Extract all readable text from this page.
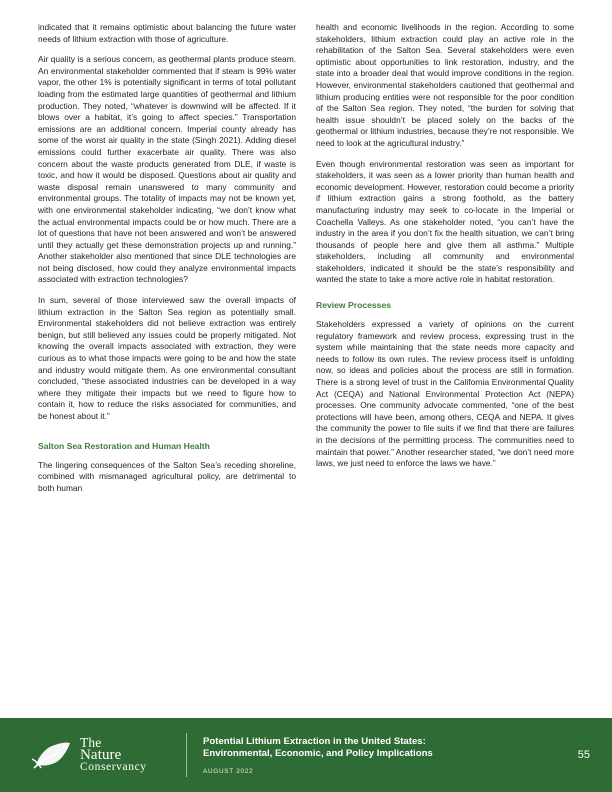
indicated that it remains optimistic about balancing the future water needs of lithium extraction with those of agriculture.

Air quality is a serious concern, as geothermal plants produce steam. An environmental stakeholder commented that if steam is 99% water vapor, the other 1% is potentially significant in terms of total pollutant loading from the estimated large quantities of geothermal and lithium production. They noted, “whatever is downwind will be affected. If it blows over a habitat, it’s going to affect species.” Transportation emissions are an additional concern. Imperial county already has some of the worst air quality in the state (Singh 2021). Adding diesel emissions could further exacerbate air quality. There was also concern about the waste products generated from DLE, if waste is toxic, and how it would be disposed. Questions about air quality and waste disposal remain unanswered to many community and environmental groups. The totality of impacts may not be known yet, with one environmental stakeholder indicating, “we don’t know what the actual environmental impacts could be or how much. There are a lot of questions that have not been answered and won’t be answered until they actually get these demonstration projects up and running.” Another stakeholder also mentioned that since DLE technologies are not being disclosed, how could they analyze environmental impacts associated with extraction technologies?

In sum, several of those interviewed saw the overall impacts of lithium extraction in the Salton Sea region as potentially small. Environmental stakeholders did not believe extraction was entirely benign, but still believed any issues could be properly mitigated. Not knowing the overall impacts associated with extraction, they were curious as to what those impacts were going to be and how the state and industry would mitigate them. As one environmental consultant concluded, “these associated industries can be developed in a way where they mitigate their impacts but we need to figure how to contain it, how to reduce the risks associated for communities, and be honest about it.”

Salton Sea Restoration and Human Health

The lingering consequences of the Salton Sea’s receding shoreline, combined with mismanaged agricultural policy, are detrimental to both human

health and economic livelihoods in the region. According to some stakeholders, lithium extraction could play an active role in the rehabilitation of the Salton Sea. Several stakeholders were even optimistic about opportunities to link restoration, industry, and the state into a broader deal that would improve conditions in the region. However, environmental stakeholders cautioned that geothermal and lithium producing entities were not responsible for the poor condition of the Salton Sea region. They noted, “the burden for solving that health issue shouldn’t be placed solely on the backs of the geothermal or lithium industries, because they’re not responsible. We need to look at the agricultural industry.”

Even though environmental restoration was seen as important for stakeholders, it was seen as a lower priority than human health and economic development. However, restoration could become a priority if lithium extraction gains a strong foothold, as the battery manufacturing industry may seek to co-locate in the Imperial or Coachella Valleys. As one stakeholder noted, “you can’t have the industry in the area if you don’t fix the health situation, we can’t bring thousands of people here and give them all asthma.” Multiple stakeholders, including all community and environmental stakeholders, indicated it should be the state’s responsibility and wanted the state to take a more active role in habitat restoration.

Review Processes

Stakeholders expressed a variety of opinions on the current regulatory framework and review process, expressing trust in the system while maintaining that the state needs more capacity and needs to follow its own rules. The review process itself is unfolding now, so ideas and policies about the process are still in formation. There is a strong level of trust in the California Environmental Quality Act (CEQA) and National Environmental Protection Act (NEPA) processes. One community advocate commented, “one of the best protections will have been, among others, CEQA and NEPA. It gives the community the power to file suits if we find that there are failures in the decisions of the permitting process. The communities need to maintain that power.” Another researcher stated, “we don’t need more laws, we just need to enforce the laws we have.”

The
Nature
Conservancy

Potential Lithium Extraction in the United States:

Environmental, Economic, and Policy Implications

AUGUST 2022
55
